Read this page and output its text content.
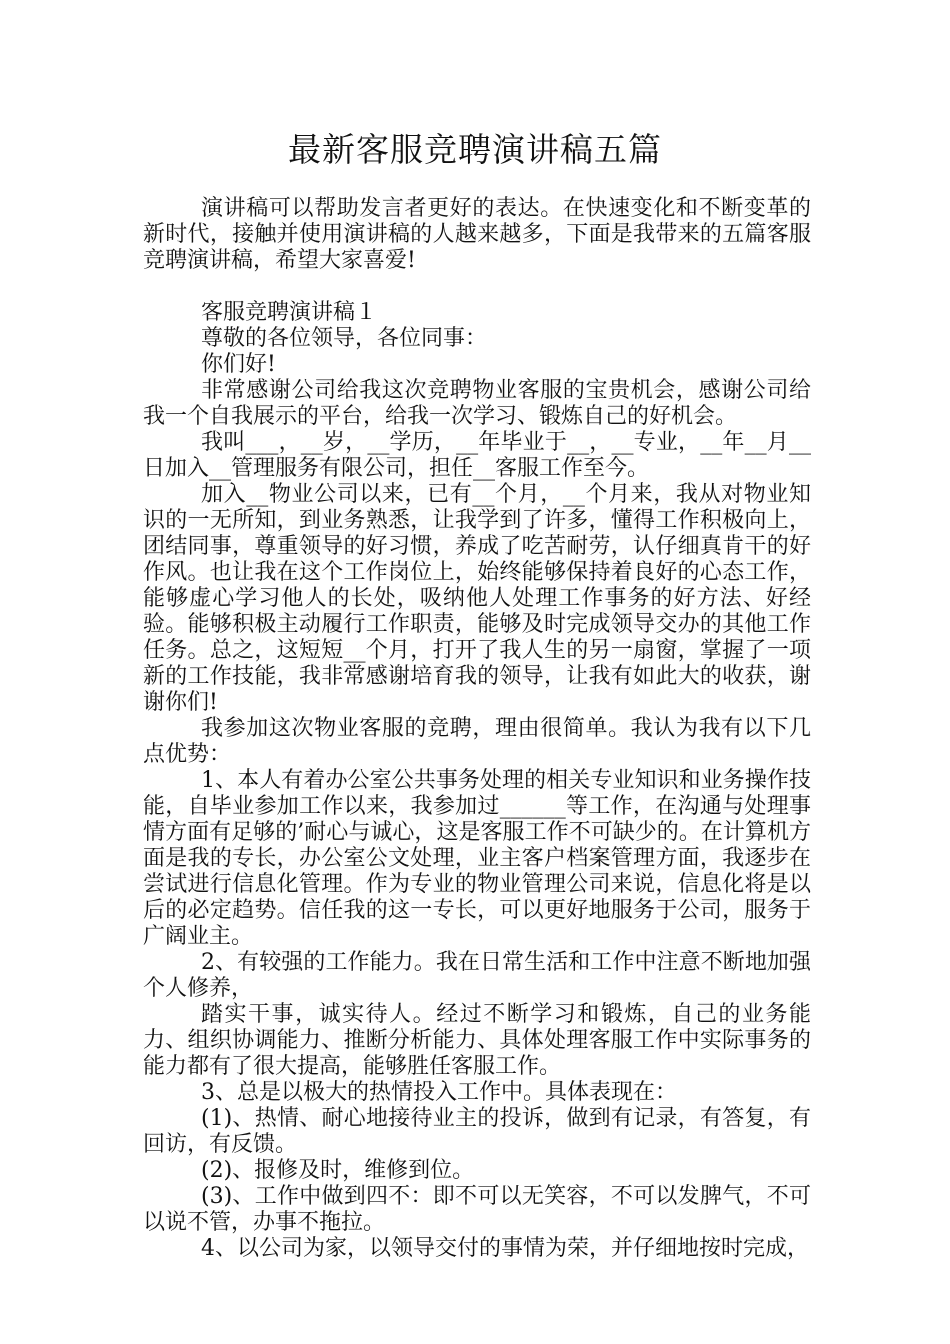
最新客服竞聘演讲稿五篇

演讲稿可以帮助发言者更好的表达。在快速变化和不断变革的新时代，接触并使用演讲稿的人越来越多，下面是我带来的五篇客服竞聘演讲稿，希望大家喜爱!

客服竞聘演讲稿１

尊敬的各位领导，各位同事：

你们好!

非常感谢公司给我这次竞聘物业客服的宝贵机会，感谢公司给我一个自我展示的平台，给我一次学习、锻炼自己的好机会。

我叫___，__岁，__学历，__年毕业于__，__专业，__年__月__日加入__管理服务有限公司，担任__客服工作至今。

加入__物业公司以来，已有__个月，__个月来，我从对物业知识的一无所知，到业务熟悉，让我学到了许多，懂得工作积极向上，团结同事，尊重领导的好习惯，养成了吃苦耐劳，认仔细真肯干的好作风。也让我在这个工作岗位上，始终能够保持着良好的心态工作，能够虚心学习他人的长处，吸纳他人处理工作事务的好方法、好经验。能够积极主动履行工作职责，能够及时完成领导交办的其他工作任务。总之，这短短__个月，打开了我人生的另一扇窗，掌握了一项新的工作技能，我非常感谢培育我的领导，让我有如此大的收获，谢谢你们!

我参加这次物业客服的竞聘，理由很简单。我认为我有以下几点优势：

1、本人有着办公室公共事务处理的相关专业知识和业务操作技能，自毕业参加工作以来，我参加过______等工作，在沟通与处理事情方面有足够的’耐心与诚心，这是客服工作不可缺少的。在计算机方面是我的专长，办公室公文处理，业主客户档案管理方面，我逐步在尝试进行信息化管理。作为专业的物业管理公司来说，信息化将是以后的必定趋势。信任我的这一专长，可以更好地服务于公司，服务于广阔业主。

2、有较强的工作能力。我在日常生活和工作中注意不断地加强个人修养，

踏实干事，诚实待人。经过不断学习和锻炼，自己的业务能力、组织协调能力、推断分析能力、具体处理客服工作中实际事务的能力都有了很大提高，能够胜任客服工作。

3、总是以极大的热情投入工作中。具体表现在：

(1)、热情、耐心地接待业主的投诉，做到有记录，有答复，有回访，有反馈。

(2)、报修及时，维修到位。

(3)、工作中做到四不：即不可以无笑容，不可以发脾气，不可以说不管，办事不拖拉。

4、以公司为家，以领导交付的事情为荣，并仔细地按时完成，
